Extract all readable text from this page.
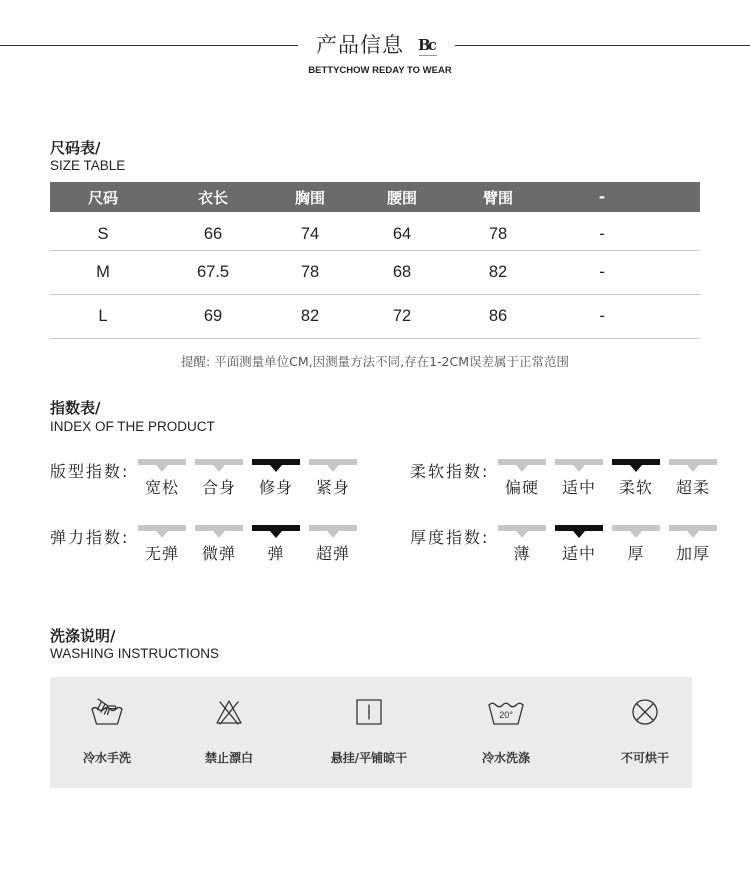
产品信息 Bc
BETTYCHOW REDAY TO WEAR
尺码表/
SIZE TABLE
尺码	衣长	胸围	腰围	臂围	-
S	66	74	64	78	-
M	67.5	78	68	82	-
L	69	82	72	86	-
提醒: 平面测量单位CM,因测量方法不同,存在1-2CM误差属于正常范围
指数表/
INDEX OF THE PRODUCT
版型指数:
宽松	合身	修身	紧身
柔软指数:
偏硬	适中	柔软	超柔
弹力指数:
无弹	微弹	弹	超弹
厚度指数:
薄	适中	厚	加厚
洗涤说明/
WASHING INSTRUCTIONS
冷水手洗	禁止漂白	悬挂/平铺晾干
20°
冷水洗涤	不可烘干
